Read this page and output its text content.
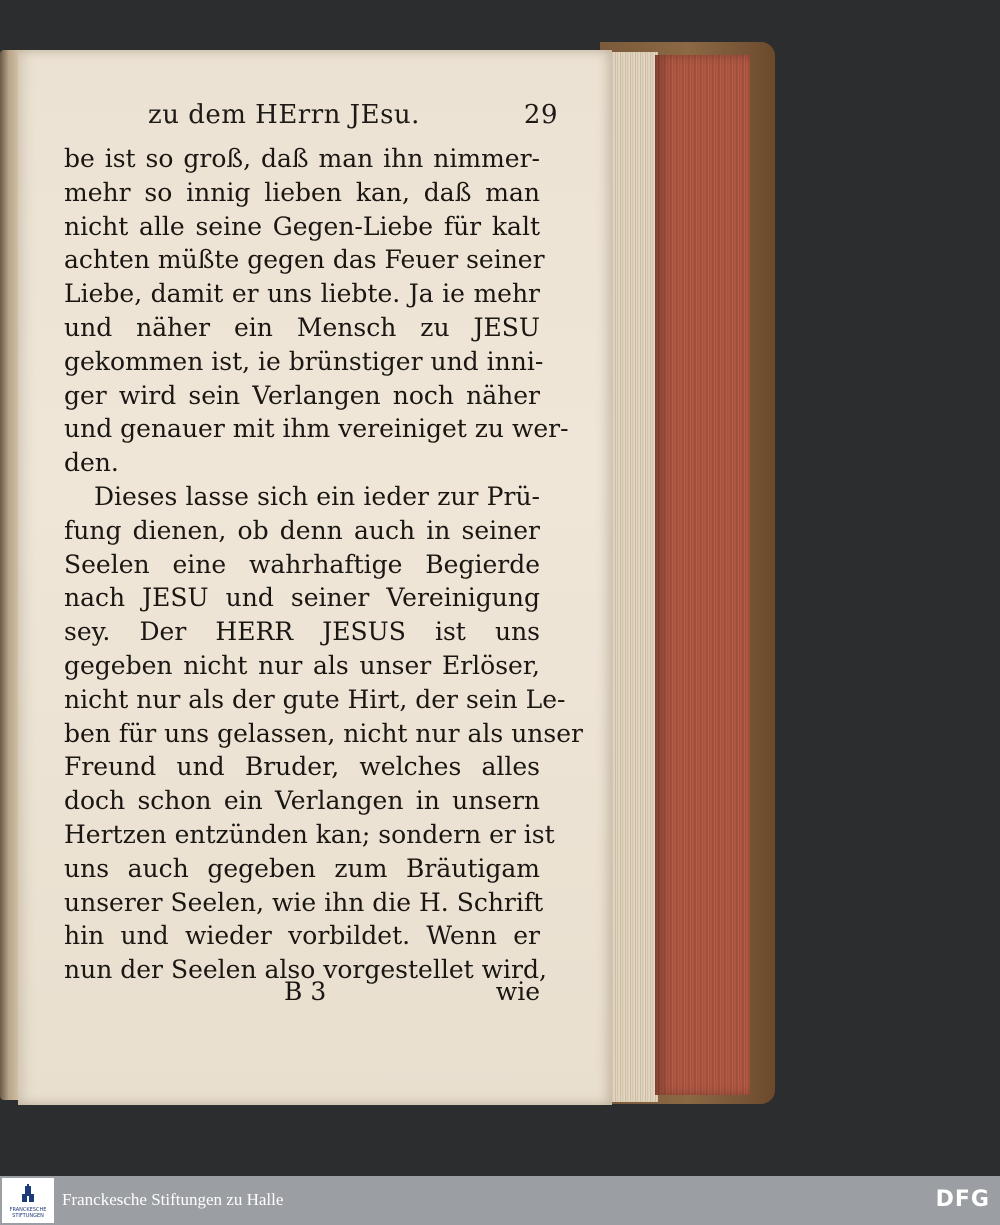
zu dem HErrn JEsu.	29
be ist so groß, daß man ihn nimmer-
mehr so innig lieben kan, daß man
nicht alle seine Gegen-Liebe für kalt
achten müßte gegen das Feuer seiner
Liebe, damit er uns liebte. Ja ie mehr
und näher ein Mensch zu JESU
gekommen ist, ie brünstiger und inni-
ger wird sein Verlangen noch näher
und genauer mit ihm vereiniget zu wer-
den.
Dieses lasse sich ein ieder zur Prü-
fung dienen, ob denn auch in seiner
Seelen eine wahrhaftige Begierde
nach JESU und seiner Vereinigung
sey. Der HERR JESUS ist uns
gegeben nicht nur als unser Erlöser,
nicht nur als der gute Hirt, der sein Le-
ben für uns gelassen, nicht nur als unser
Freund und Bruder, welches alles
doch schon ein Verlangen in unsern
Hertzen entzünden kan; sondern er ist
uns auch gegeben zum Bräutigam
unserer Seelen, wie ihn die H. Schrift
hin und wieder vorbildet. Wenn er
nun der Seelen also vorgestellet wird,
B 3	wie
FRANCKESCHE STIFTUNGEN
Franckesche Stiftungen zu Halle	DFG
